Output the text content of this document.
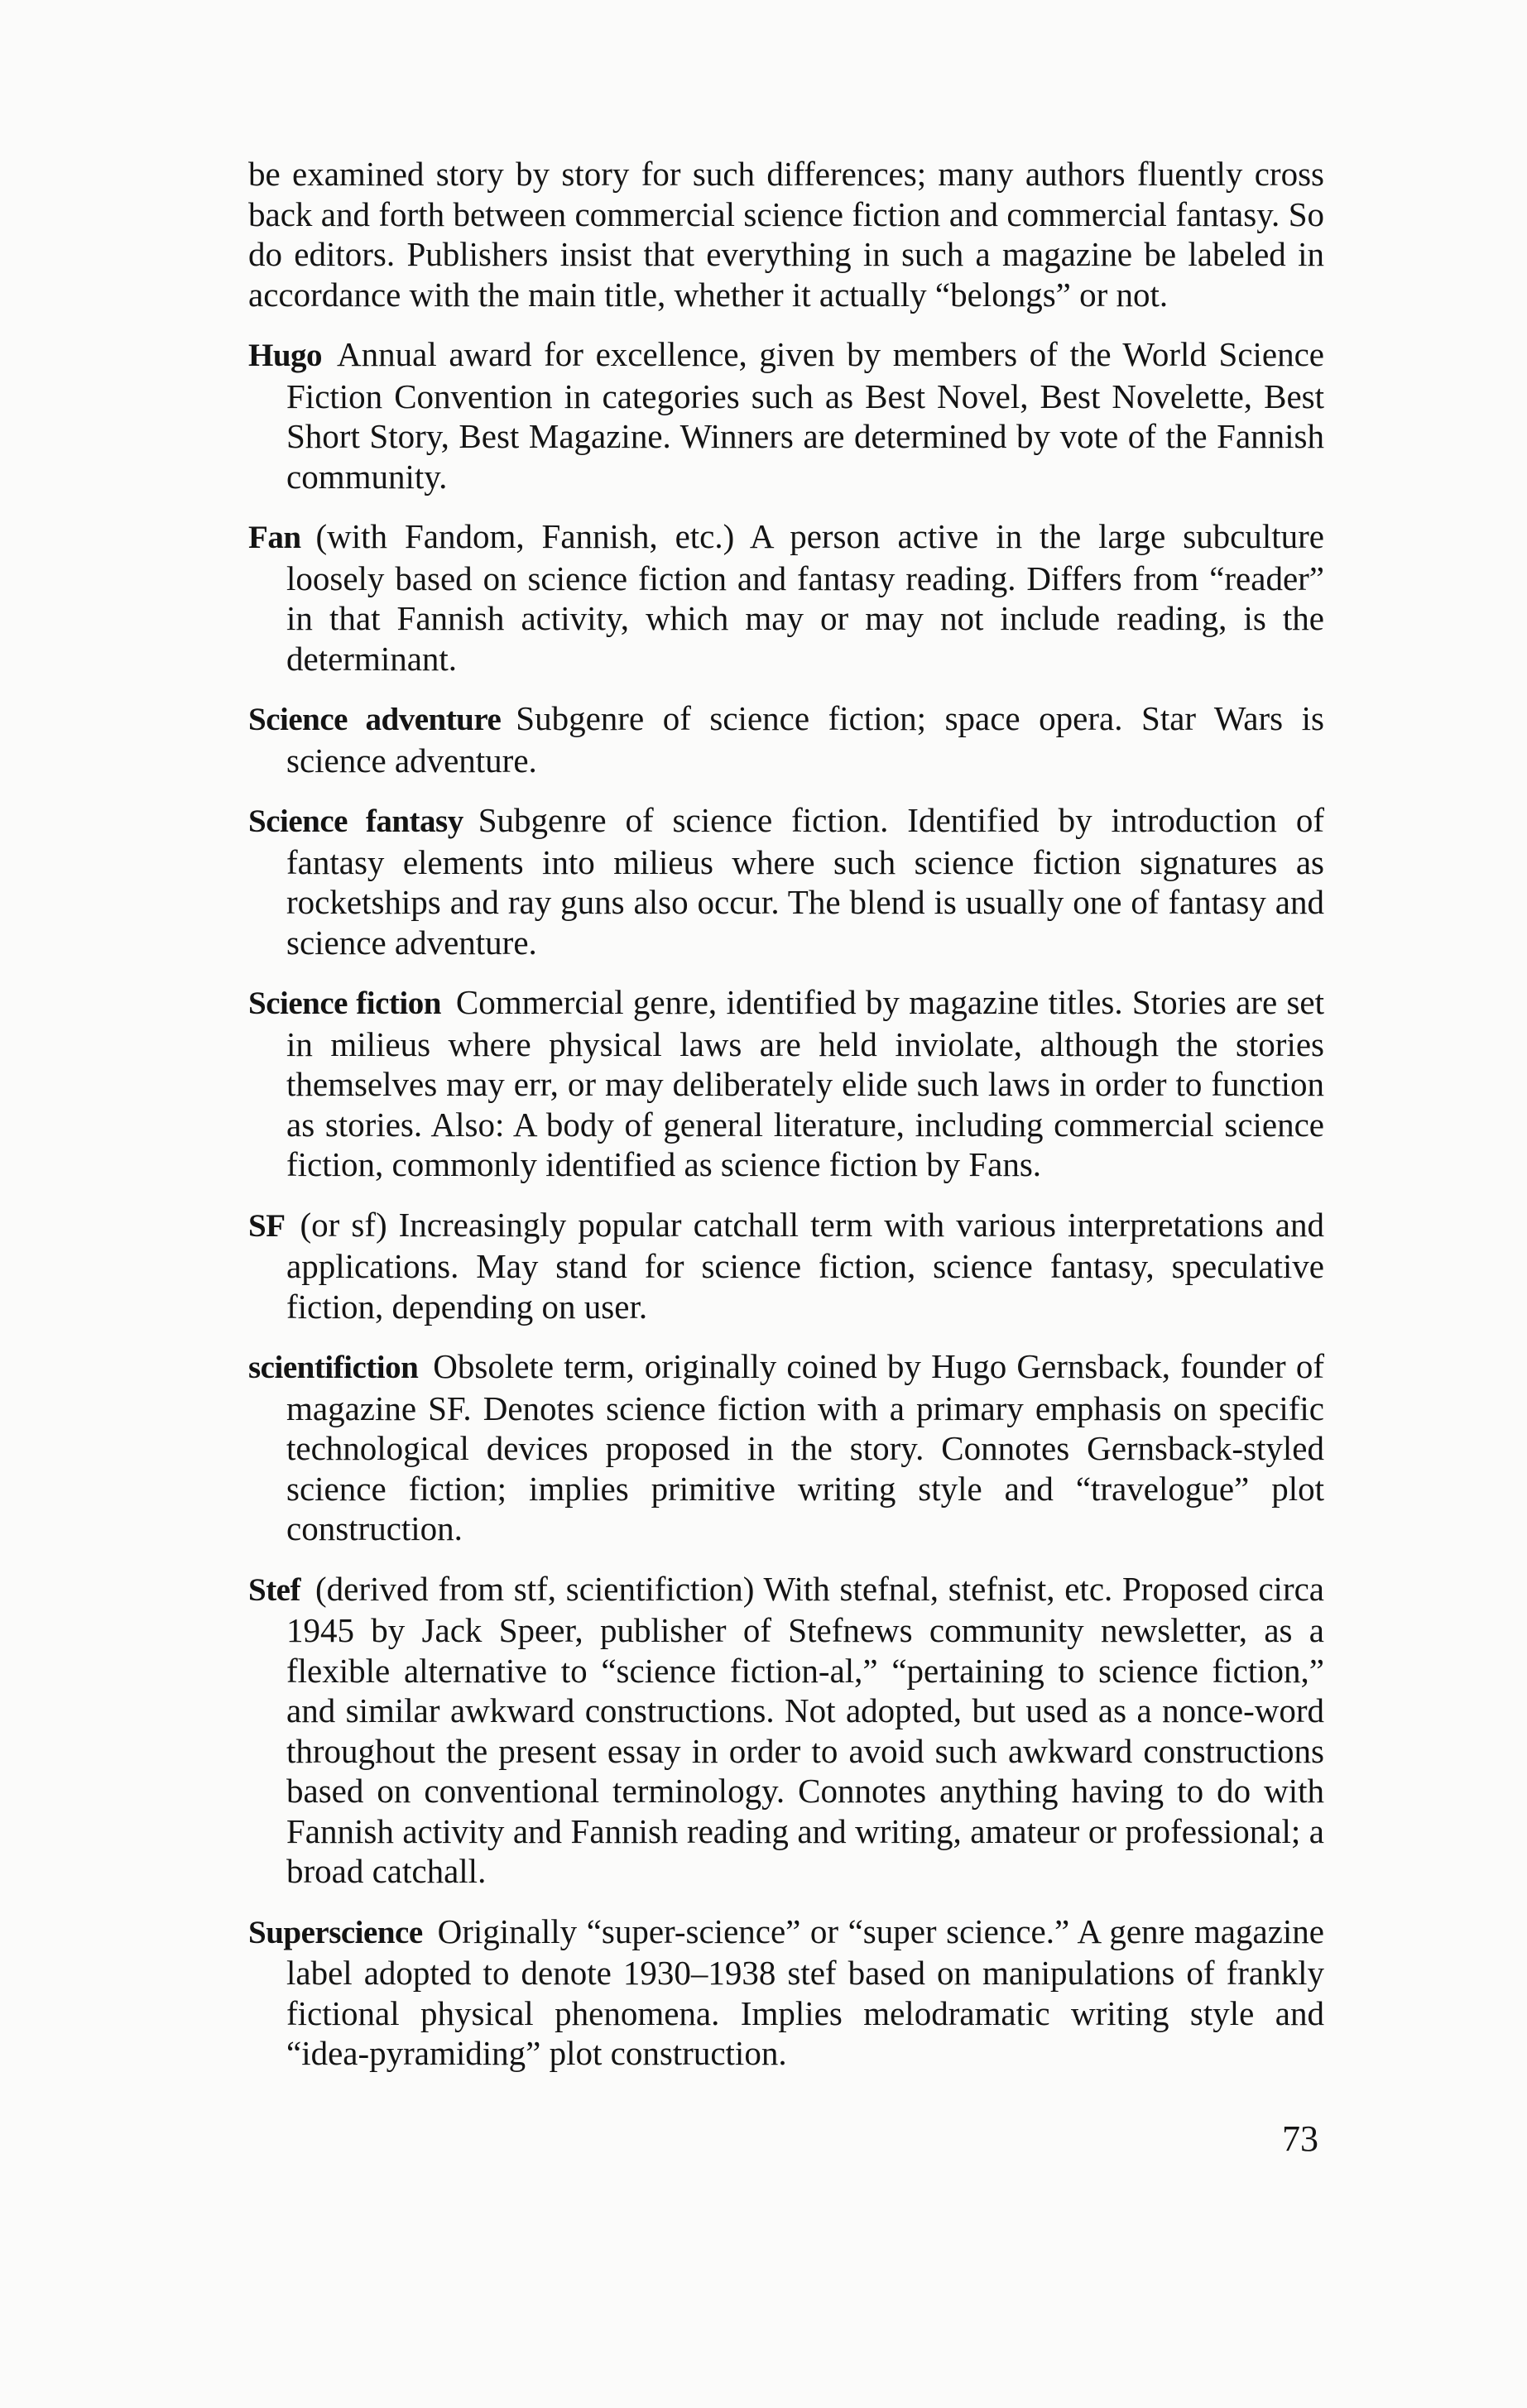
be examined story by story for such differences; many authors fluently cross back and forth between commercial science fiction and commercial fantasy. So do editors. Publishers insist that everything in such a magazine be labeled in accordance with the main title, whether it actually “belongs” or not.

Hugo Annual award for excellence, given by members of the World Science Fiction Convention in categories such as Best Novel, Best Novelette, Best Short Story, Best Magazine. Winners are determined by vote of the Fannish community.

Fan (with Fandom, Fannish, etc.) A person active in the large subculture loosely based on science fiction and fantasy reading. Differs from “reader” in that Fannish activity, which may or may not include reading, is the determinant.

Science adventure Subgenre of science fiction; space opera. Star Wars is science adventure.

Science fantasy Subgenre of science fiction. Identified by introduction of fantasy elements into milieus where such science fiction signatures as rocketships and ray guns also occur. The blend is usually one of fantasy and science adventure.

Science fiction Commercial genre, identified by magazine titles. Stories are set in milieus where physical laws are held inviolate, although the stories themselves may err, or may deliberately elide such laws in order to function as stories. Also: A body of general literature, including commercial science fiction, commonly identified as science fiction by Fans.

SF (or sf) Increasingly popular catchall term with various interpretations and applications. May stand for science fiction, science fantasy, speculative fiction, depending on user.

scientifiction Obsolete term, originally coined by Hugo Gernsback, founder of magazine SF. Denotes science fiction with a primary emphasis on specific technological devices proposed in the story. Connotes Gernsback-styled science fiction; implies primitive writing style and “travelogue” plot construction.

Stef (derived from stf, scientifiction) With stefnal, stefnist, etc. Proposed circa 1945 by Jack Speer, publisher of Stefnews community newsletter, as a flexible alternative to “science fiction-al,” “pertaining to science fiction,” and similar awkward constructions. Not adopted, but used as a nonce-word throughout the present essay in order to avoid such awkward constructions based on conventional terminology. Connotes anything having to do with Fannish activity and Fannish reading and writing, amateur or professional; a broad catchall.

Superscience Originally “super-science” or “super science.” A genre magazine label adopted to denote 1930–1938 stef based on manipulations of frankly fictional physical phenomena. Implies melodramatic writing style and “idea-pyramiding” plot construction.

73
